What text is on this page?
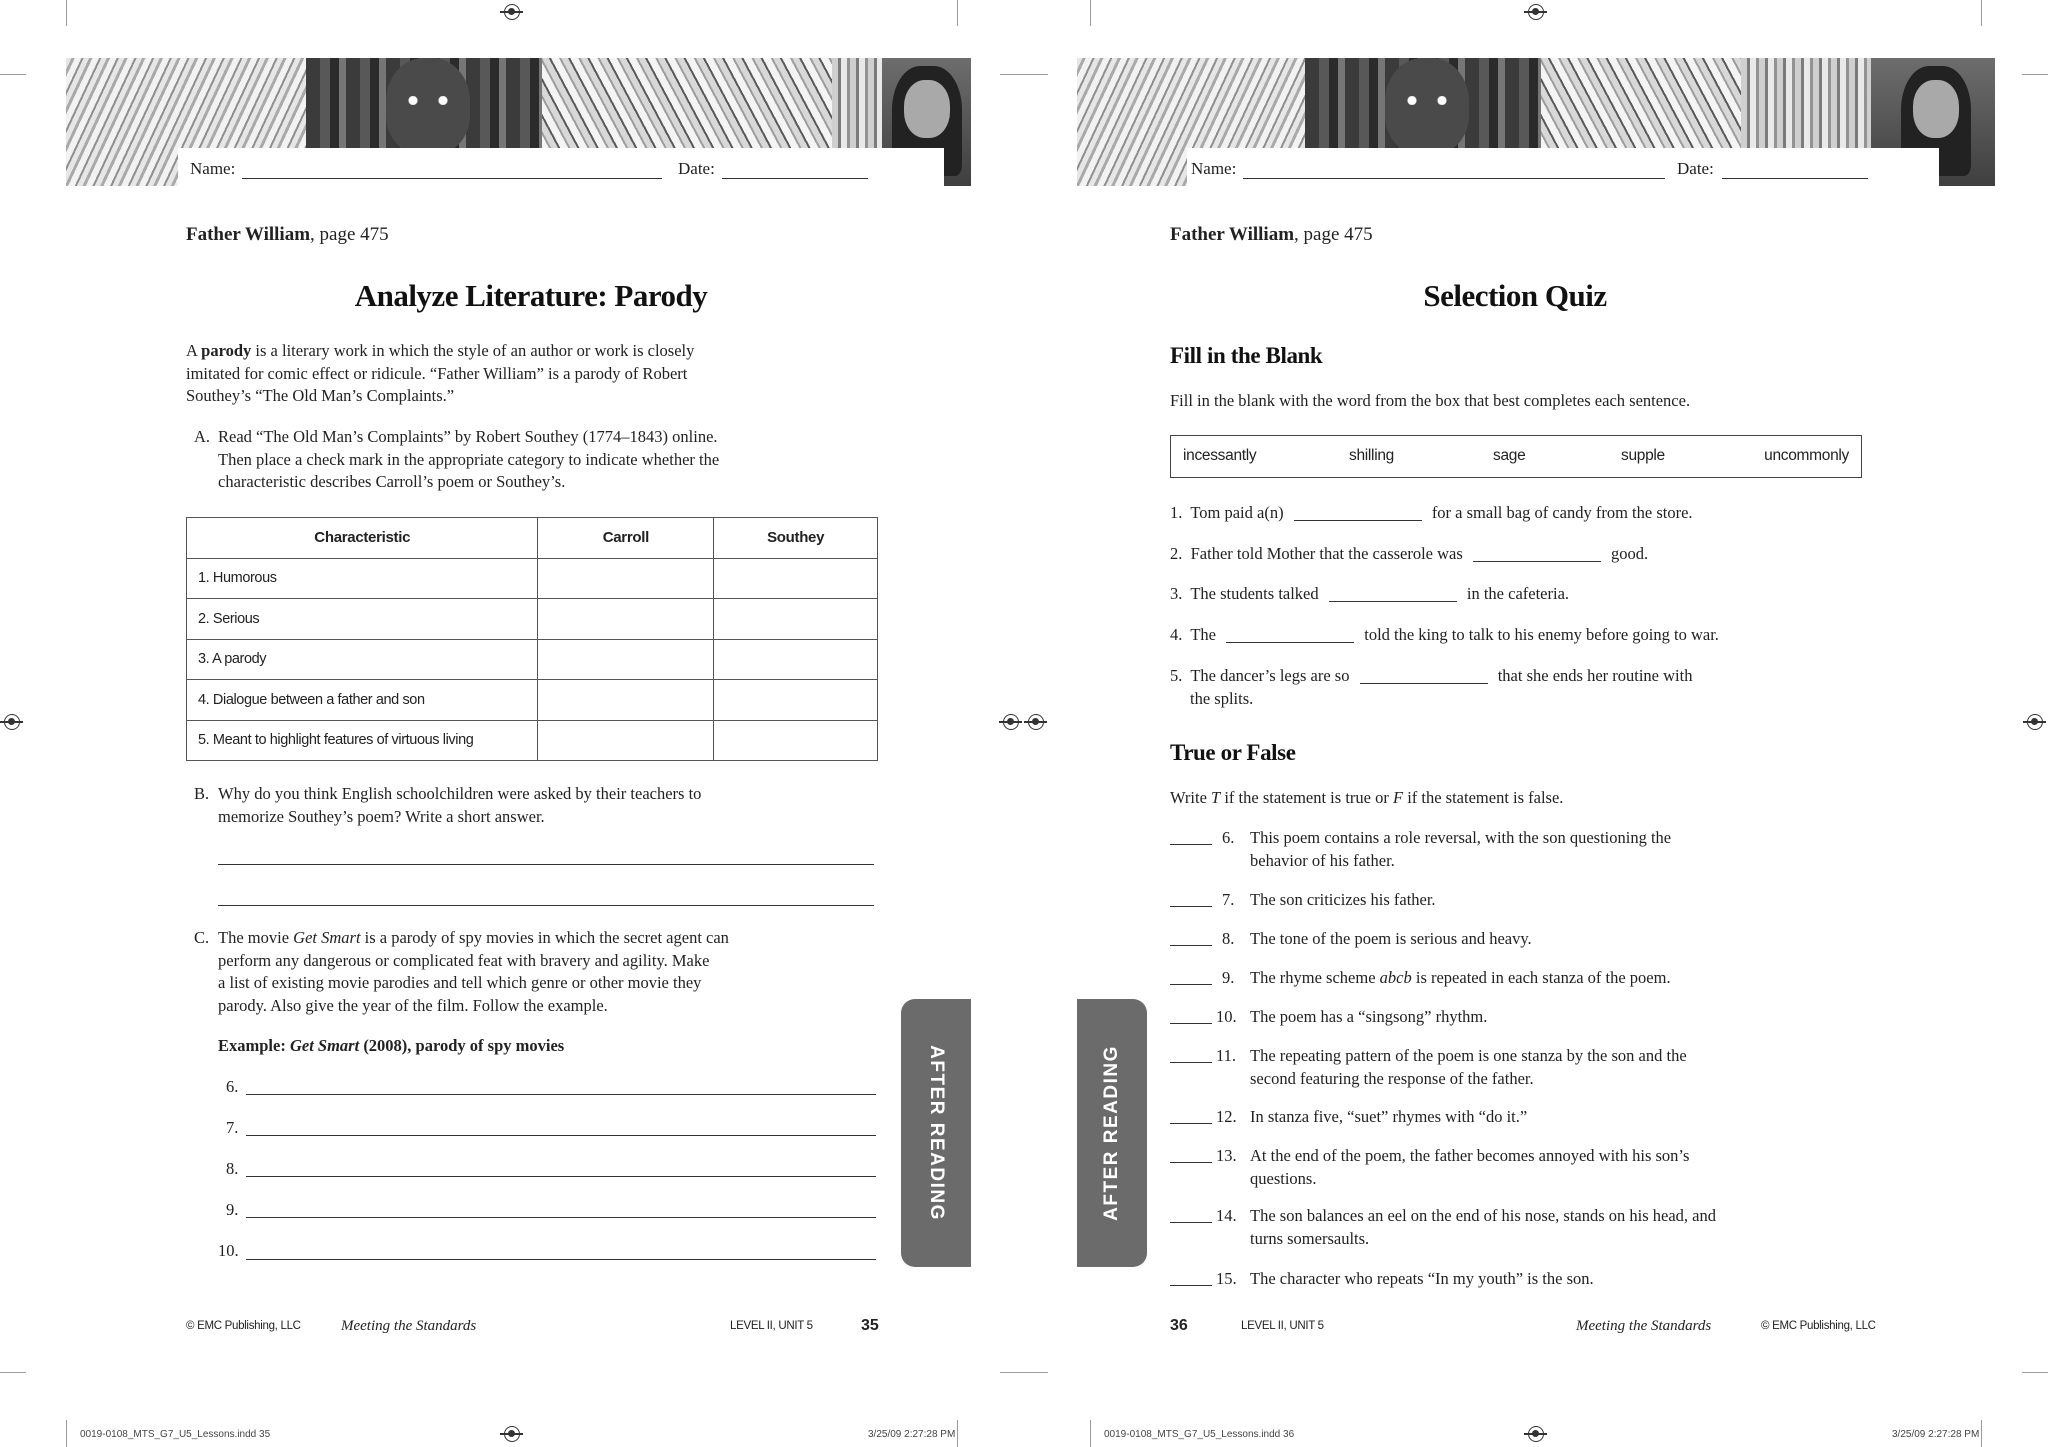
Name:	Date:
Father William, page 475
Analyze Literature: Parody
A parody is a literary work in which the style of an author or work is closely
imitated for comic effect or ridicule. “Father William” is a parody of Robert
Southey’s “The Old Man’s Complaints.”
A. Read “The Old Man’s Complaints” by Robert Southey (1774–1843) online.
Then place a check mark in the appropriate category to indicate whether the
characteristic describes Carroll’s poem or Southey’s.
Characteristic	Carroll	Southey
1. Humorous		
2. Serious		
3. A parody		
4. Dialogue between a father and son		
5. Meant to highlight features of virtuous living		
B. Why do you think English schoolchildren were asked by their teachers to
memorize Southey’s poem? Write a short answer.
C. The movie Get Smart is a parody of spy movies in which the secret agent can
perform any dangerous or complicated feat with bravery and agility. Make
a list of existing movie parodies and tell which genre or other movie they
parody. Also give the year of the film. Follow the example.
Example: Get Smart (2008), parody of spy movies
6.
7.
8.
9.
10.
AFTER READING
© EMC Publishing, LLC	Meeting the Standards	LEVEL II, UNIT 5	35
0019-0108_MTS_G7_U5_Lessons.indd 35	3/25/09 2:27:28 PM
Name:	Date:
Father William, page 475
Selection Quiz
Fill in the Blank
Fill in the blank with the word from the box that best completes each sentence.
incessantly	shilling	sage	supple	uncommonly
1. Tom paid a(n)	for a small bag of candy from the store.
2. Father told Mother that the casserole was	good.
3. The students talked	in the cafeteria.
4. The	told the king to talk to his enemy before going to war.
5. The dancer’s legs are so	that she ends her routine with
the splits.
True or False
Write T if the statement is true or F if the statement is false.
6. This poem contains a role reversal, with the son questioning the
behavior of his father.
7. The son criticizes his father.
8. The tone of the poem is serious and heavy.
9. The rhyme scheme abcb is repeated in each stanza of the poem.
10. The poem has a “singsong” rhythm.
11. The repeating pattern of the poem is one stanza by the son and the
second featuring the response of the father.
12. In stanza five, “suet” rhymes with “do it.”
13. At the end of the poem, the father becomes annoyed with his son’s
questions.
14. The son balances an eel on the end of his nose, stands on his head, and
turns somersaults.
15. The character who repeats “In my youth” is the son.
AFTER READING
36	LEVEL II, UNIT 5	Meeting the Standards	© EMC Publishing, LLC
0019-0108_MTS_G7_U5_Lessons.indd 36	3/25/09 2:27:28 PM
